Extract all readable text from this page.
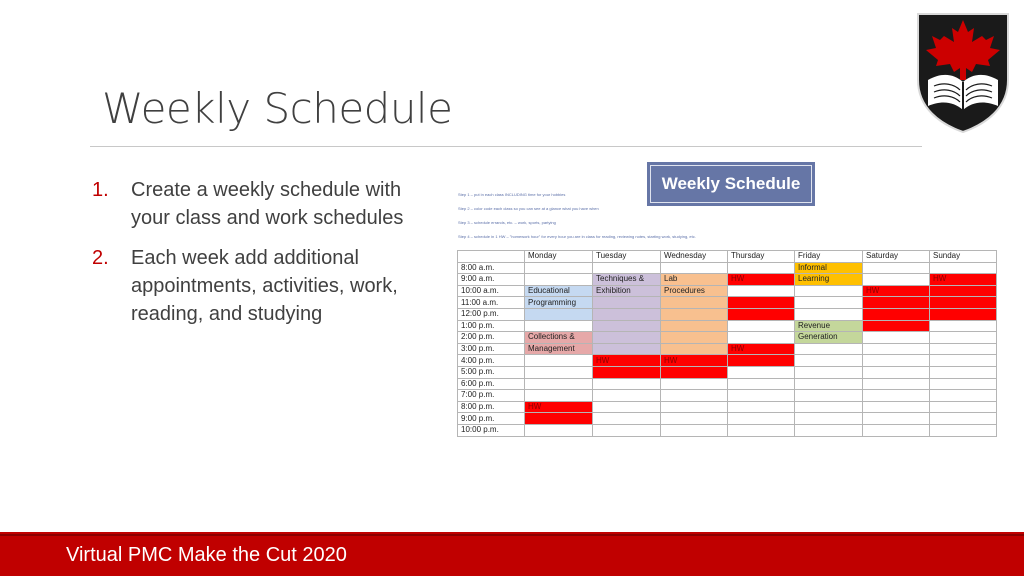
Weekly Schedule
1. Create a weekly schedule with your class and work schedules
2. Each week add additional appointments, activities, work, reading, and studying
Weekly Schedule
Step 1 – put in each class INCLUDING time for your hobbies
Step 2 – color code each class so you can see at a glance what you have when
Step 3 – schedule errands, etc. – work, sports, partying
Step 4 – schedule in 1 HW – "homework hour" for every hour you are in class for reading, reviewing notes, starting work, studying, etc.
	Monday	Tuesday	Wednesday	Thursday	Friday	Saturday	Sunday
8:00 a.m.					Informal		
9:00 a.m.		Techniques &	Lab	HW	Learning		HW
10:00 a.m.	Educational	Exhibition	Procedures			HW	
11:00 a.m.	Programming						
12:00 p.m.							
1:00 p.m.					Revenue		
2:00 p.m.	Collections &				Generation		
3:00 p.m.	Management			HW			
4:00 p.m.		HW	HW				
5:00 p.m.							
6:00 p.m.							
7:00 p.m.							
8:00 p.m.	HW						
9:00 p.m.							
10:00 p.m.							
Virtual PMC Make the Cut 2020
